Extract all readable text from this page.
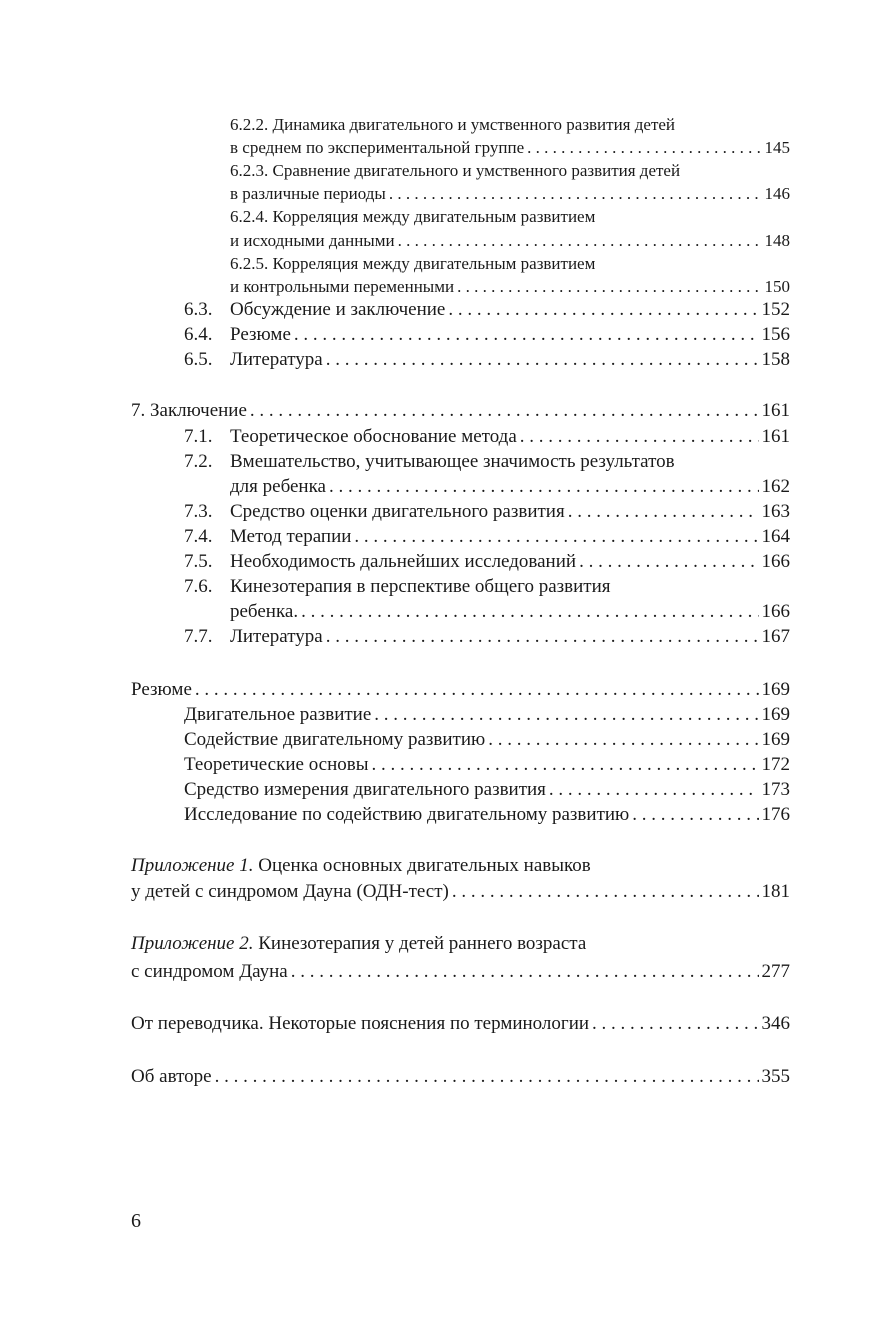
6.2.2. Динамика двигательного и умственного развития детей
в среднем по экспериментальной группе . . .	145
6.2.3. Сравнение двигательного и умственного развития детей
в различные периоды . . .	146
6.2.4. Корреляция между двигательным развитием
и исходными данными . . .	148
6.2.5. Корреляция между двигательным развитием
и контрольными переменными . . .	150
6.3. Обсуждение и заключение . . .	152
6.4. Резюме . . .	156
6.5. Литература . . .	158
7. Заключение . . .	161
7.1. Теоретическое обоснование метода . . .	161
7.2. Вмешательство, учитывающее значимость результатов
для ребенка . . .	162
7.3. Средство оценки двигательного развития . . .	163
7.4. Метод терапии . . .	164
7.5. Необходимость дальнейших исследований . . .	166
7.6. Кинезотерапия в перспективе общего развития
ребенка. . . .	166
7.7. Литература . . .	167
Резюме . . .	169
Двигательное развитие . . .	169
Содействие двигательному развитию . . .	169
Теоретические основы . . .	172
Средство измерения двигательного развития . . .	173
Исследование по содействию двигательному развитию . . .	176
Приложение 1. Оценка основных двигательных навыков
у детей с синдромом Дауна (ОДН-тест) . . .	181
Приложение 2. Кинезотерапия у детей раннего возраста
с синдромом Дауна . . .	277
От переводчика. Некоторые пояснения по терминологии . . .	346
Об авторе . . .	355
6
